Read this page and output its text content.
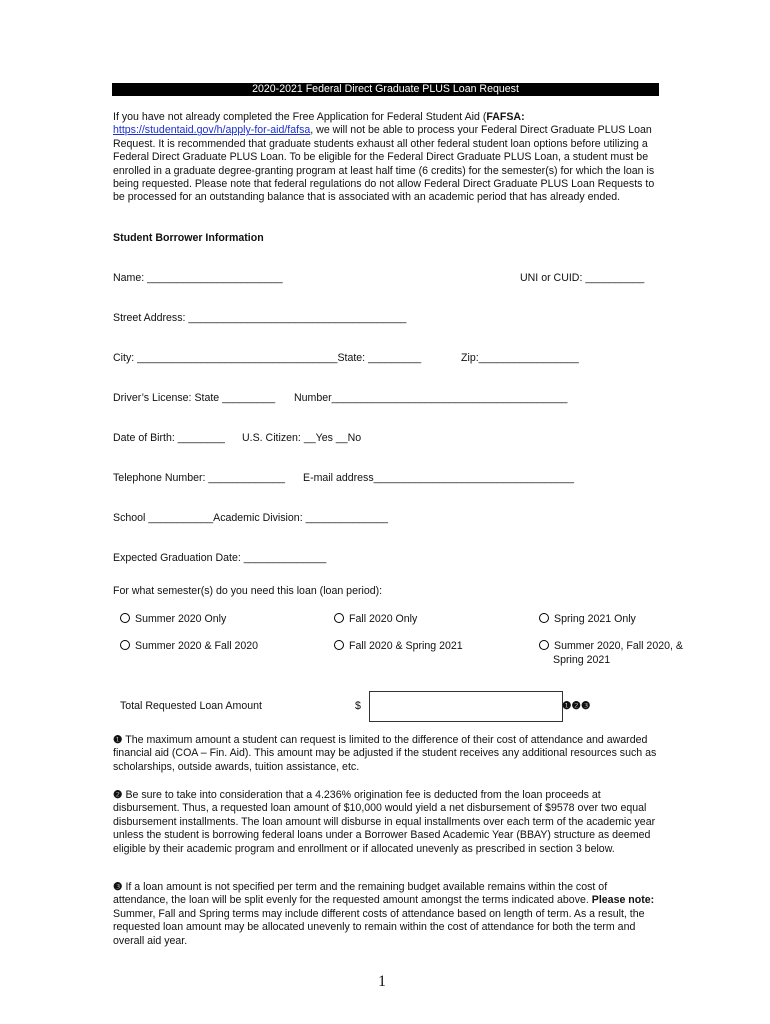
2020-2021 Federal Direct Graduate PLUS Loan Request
If you have not already completed the Free Application for Federal Student Aid (FAFSA:
https://studentaid.gov/h/apply-for-aid/fafsa, we will not be able to process your Federal Direct Graduate PLUS Loan Request. It is recommended that graduate students exhaust all other federal student loan options before utilizing a Federal Direct Graduate PLUS Loan. To be eligible for the Federal Direct Graduate PLUS Loan, a student must be enrolled in a graduate degree-granting program at least half time (6 credits) for the semester(s) for which the loan is being requested. Please note that federal regulations do not allow Federal Direct Graduate PLUS Loan Requests to be processed for an outstanding balance that is associated with an academic period that has already ended.
Student Borrower Information
Name: _______________________	UNI or CUID: __________
Street Address: _____________________________________
City: __________________________________State: _________	Zip:_________________
Driver’s License: State _________ Number________________________________________
Date of Birth: ________ U.S. Citizen: __Yes __No
Telephone Number: _____________ E-mail address__________________________________
School ___________Academic Division: ______________
Expected Graduation Date: ______________
For what semester(s) do you need this loan (loan period):
Summer 2020 Only	Fall 2020 Only	Spring 2021 Only
Summer 2020 & Fall 2020	Fall 2020 & Spring 2021	Summer 2020, Fall 2020, &
Spring 2021
Total Requested Loan Amount	$	❶❷❸
❶ The maximum amount a student can request is limited to the difference of their cost of attendance and awarded financial aid (COA – Fin. Aid). This amount may be adjusted if the student receives any additional resources such as scholarships, outside awards, tuition assistance, etc.
❷ Be sure to take into consideration that a 4.236% origination fee is deducted from the loan proceeds at disbursement. Thus, a requested loan amount of $10,000 would yield a net disbursement of $9578 over two equal disbursement installments. The loan amount will disburse in equal installments over each term of the academic year unless the student is borrowing federal loans under a Borrower Based Academic Year (BBAY) structure as deemed eligible by their academic program and enrollment or if allocated unevenly as prescribed in section 3 below.
❸ If a loan amount is not specified per term and the remaining budget available remains within the cost of attendance, the loan will be split evenly for the requested amount amongst the terms indicated above. Please note: Summer, Fall and Spring terms may include different costs of attendance based on length of term. As a result, the requested loan amount may be allocated unevenly to remain within the cost of attendance for both the term and overall aid year.
1
